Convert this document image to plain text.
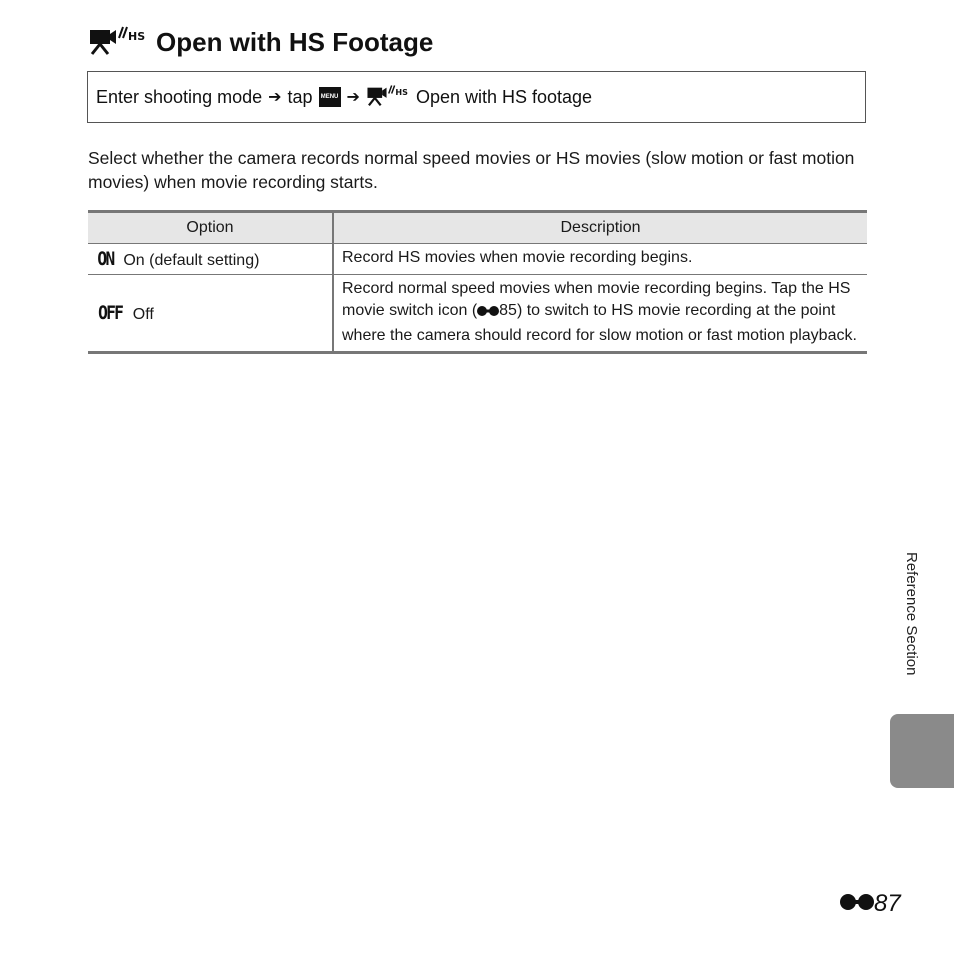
HS Open with HS Footage
Enter shooting mode ➔ tap	MENU ➔	HS Open with HS footage
Select whether the camera records normal speed movies or HS movies (slow motion or fast motion movies) when movie recording starts.
Option	Description
ON On (default setting)	Record HS movies when movie recording begins.
OFF Off	Record normal speed movies when movie recording begins. Tap the HS movie switch icon ( 85) to switch to HS movie recording at the point where the camera should record for slow motion or fast motion playback.
Reference Section
87
